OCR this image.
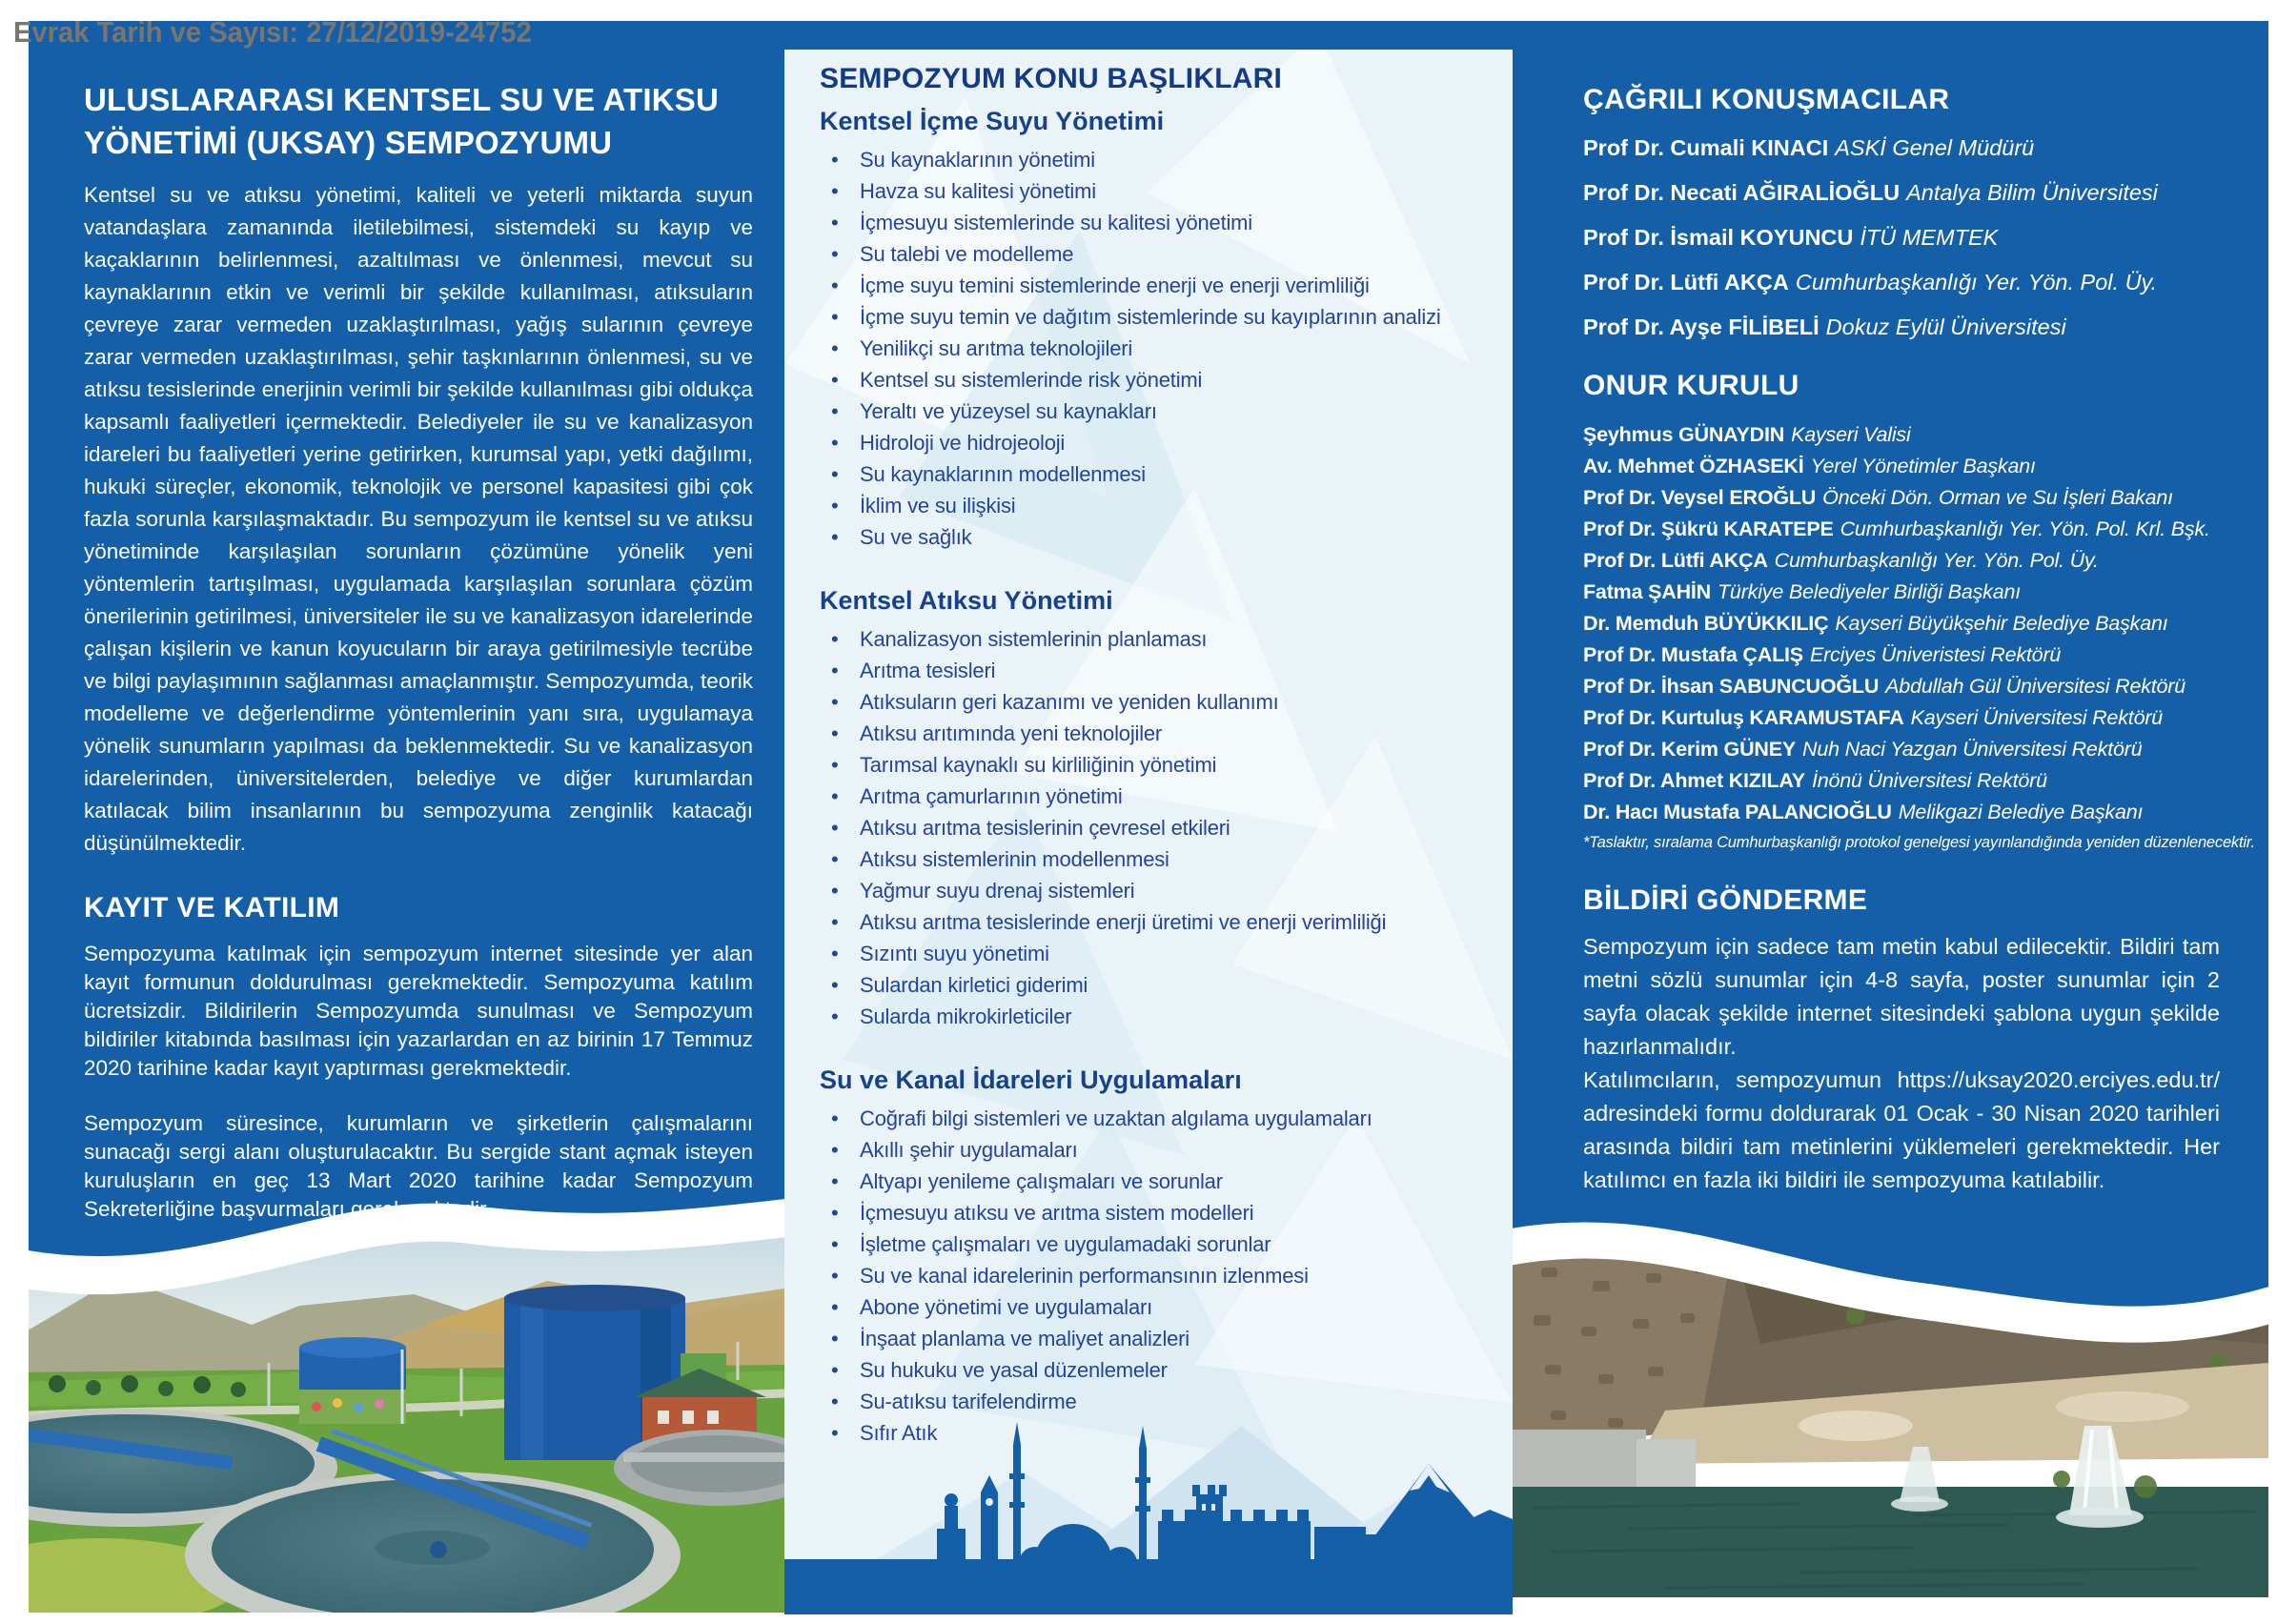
Evrak Tarih ve Sayısı: 27/12/2019-24752
ULUSLARARASI KENTSEL SU VE ATIKSU YÖNETİMİ (UKSAY) SEMPOZYUMU

Kentsel su ve atıksu yönetimi, kaliteli ve yeterli miktarda suyun vatandaşlara zamanında iletilebilmesi, sistemdeki su kayıp ve kaçaklarının belirlenmesi, azaltılması ve önlenmesi, mevcut su kaynaklarının etkin ve verimli bir şekilde kullanılması, atıksuların çevreye zarar vermeden uzaklaştırılması, yağış sularının çevreye zarar vermeden uzaklaştırılması, şehir taşkınlarının önlenmesi, su ve atıksu tesislerinde enerjinin verimli bir şekilde kullanılması gibi oldukça kapsamlı faaliyetleri içermektedir. Belediyeler ile su ve kanalizasyon idareleri bu faaliyetleri yerine getirirken, kurumsal yapı, yetki dağılımı, hukuki süreçler, ekonomik, teknolojik ve personel kapasitesi gibi çok fazla sorunla karşılaşmaktadır. Bu sempozyum ile kentsel su ve atıksu yönetiminde karşılaşılan sorunların çözümüne yönelik yeni yöntemlerin tartışılması, uygulamada karşılaşılan sorunlara çözüm önerilerinin getirilmesi, üniversiteler ile su ve kanalizasyon idarelerinde çalışan kişilerin ve kanun koyucuların bir araya getirilmesiyle tecrübe ve bilgi paylaşımının sağlanması amaçlanmıştır. Sempozyumda, teorik modelleme ve değerlendirme yöntemlerinin yanı sıra, uygulamaya yönelik sunumların yapılması da beklenmektedir. Su ve kanalizasyon idarelerinden, üniversitelerden, belediye ve diğer kurumlardan katılacak bilim insanlarının bu sempozyuma zenginlik katacağı düşünülmektedir.

KAYIT VE KATILIM

Sempozyuma katılmak için sempozyum internet sitesinde yer alan kayıt formunun doldurulması gerekmektedir. Sempozyuma katılım ücretsizdir. Bildirilerin Sempozyumda sunulması ve Sempozyum bildiriler kitabında basılması için yazarlardan en az birinin 17 Temmuz 2020 tarihine kadar kayıt yaptırması gerekmektedir.

Sempozyum süresince, kurumların ve şirketlerin çalışmalarını sunacağı sergi alanı oluşturulacaktır. Bu sergide stant açmak isteyen kuruluşların en geç 13 Mart 2020 tarihine kadar Sempozyum Sekreterliğine başvurmaları gerekmektedir.

SEMPOZYUM KONU BAŞLIKLARI
Kentsel İçme Suyu Yönetimi
• Su kaynaklarının yönetimi
• Havza su kalitesi yönetimi
• İçmesuyu sistemlerinde su kalitesi yönetimi
• Su talebi ve modelleme
• İçme suyu temini sistemlerinde enerji ve enerji verimliliği
• İçme suyu temin ve dağıtım sistemlerinde su kayıplarının analizi
• Yenilikçi su arıtma teknolojileri
• Kentsel su sistemlerinde risk yönetimi
• Yeraltı ve yüzeysel su kaynakları
• Hidroloji ve hidrojeoloji
• Su kaynaklarının modellenmesi
• İklim ve su ilişkisi
• Su ve sağlık
Kentsel Atıksu Yönetimi
• Kanalizasyon sistemlerinin planlaması
• Arıtma tesisleri
• Atıksuların geri kazanımı ve yeniden kullanımı
• Atıksu arıtımında yeni teknolojiler
• Tarımsal kaynaklı su kirliliğinin yönetimi
• Arıtma çamurlarının yönetimi
• Atıksu arıtma tesislerinin çevresel etkileri
• Atıksu sistemlerinin modellenmesi
• Yağmur suyu drenaj sistemleri
• Atıksu arıtma tesislerinde enerji üretimi ve enerji verimliliği
• Sızıntı suyu yönetimi
• Sulardan kirletici giderimi
• Sularda mikrokirleticiler
Su ve Kanal İdareleri Uygulamaları
• Coğrafi bilgi sistemleri ve uzaktan algılama uygulamaları
• Akıllı şehir uygulamaları
• Altyapı yenileme çalışmaları ve sorunlar
• İçmesuyu atıksu ve arıtma sistem modelleri
• İşletme çalışmaları ve uygulamadaki sorunlar
• Su ve kanal idarelerinin performansının izlenmesi
• Abone yönetimi ve uygulamaları
• İnşaat planlama ve maliyet analizleri
• Su hukuku ve yasal düzenlemeler
• Su-atıksu tarifelendirme
• Sıfır Atık
ÇAĞRILI KONUŞMACILAR
Prof Dr. Cumali KINACI ASKİ Genel Müdürü
Prof Dr. Necati AĞIRALİOĞLU Antalya Bilim Üniversitesi
Prof Dr. İsmail KOYUNCU İTÜ MEMTEK
Prof Dr. Lütfi AKÇA Cumhurbaşkanlığı Yer. Yön. Pol. Üy.
Prof Dr. Ayşe FİLİBELİ Dokuz Eylül Üniversitesi
ONUR KURULU
Şeyhmus GÜNAYDIN Kayseri Valisi
Av. Mehmet ÖZHASEKİ Yerel Yönetimler Başkanı
Prof Dr. Veysel EROĞLU Önceki Dön. Orman ve Su İşleri Bakanı
Prof Dr. Şükrü KARATEPE Cumhurbaşkanlığı Yer. Yön. Pol. Krl. Bşk.
Prof Dr. Lütfi AKÇA Cumhurbaşkanlığı Yer. Yön. Pol. Üy.
Fatma ŞAHİN Türkiye Belediyeler Birliği Başkanı
Dr. Memduh BÜYÜKKILIÇ Kayseri Büyükşehir Belediye Başkanı
Prof Dr. Mustafa ÇALIŞ Erciyes Üniveristesi Rektörü
Prof Dr. İhsan SABUNCUOĞLU Abdullah Gül Üniversitesi Rektörü
Prof Dr. Kurtuluş KARAMUSTAFA Kayseri Üniversitesi Rektörü
Prof Dr. Kerim GÜNEY Nuh Naci Yazgan Üniversitesi Rektörü
Prof Dr. Ahmet KIZILAY İnönü Üniversitesi Rektörü
Dr. Hacı Mustafa PALANCIOĞLU Melikgazi Belediye Başkanı

*Taslaktır, sıralama Cumhurbaşkanlığı protokol genelgesi yayınlandığında yeniden düzenlenecektir.

BİLDİRİ GÖNDERME

Sempozyum için sadece tam metin kabul edilecektir. Bildiri tam metni sözlü sunumlar için 4-8 sayfa, poster sunumlar için 2 sayfa olacak şekilde internet sitesindeki şablona uygun şekilde hazırlanmalıdır.

Katılımcıların, sempozyumun https://uksay2020.erciyes.edu.tr/ adresindeki formu doldurarak 01 Ocak - 30 Nisan 2020 tarihleri arasında bildiri tam metinlerini yüklemeleri gerekmektedir. Her katılımcı en fazla iki bildiri ile sempozyuma katılabilir.
